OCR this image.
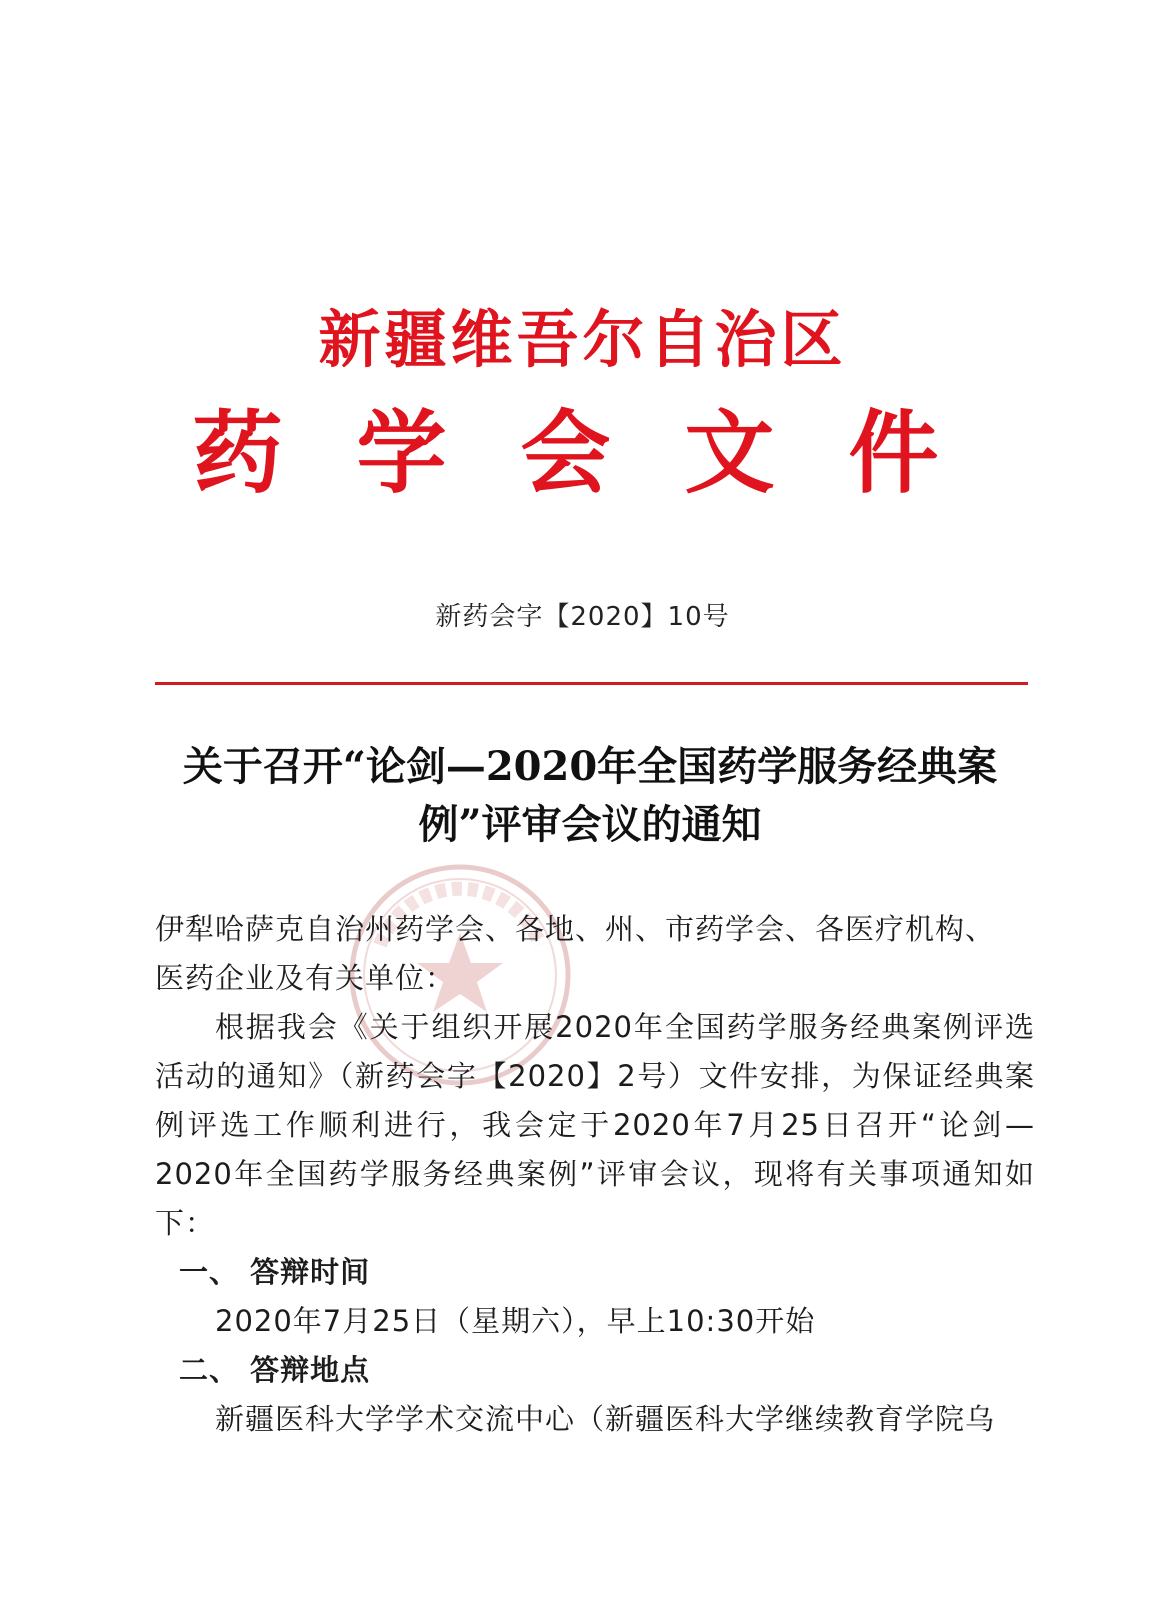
新疆维吾尔自治区
药学会文件
新药会字【2020】10号
关于召开“论剑—2020年全国药学服务经典案
例”评审会议的通知

伊犁哈萨克自治州药学会、各地、州、市药学会、各医疗机构、

医药企业及有关单位：

根据我会《关于组织开展2020年全国药学服务经典案例评选活动的通知》（新药会字【2020】2号）文件安排，为保证经典案例评选工作顺利进行，我会定于2020年7月25日召开“论剑—2020年全国药学服务经典案例”评审会议，现将有关事项通知如下：

一、 答辩时间

2020年7月25日（星期六），早上10:30开始

二、 答辩地点

新疆医科大学学术交流中心（新疆医科大学继续教育学院乌
